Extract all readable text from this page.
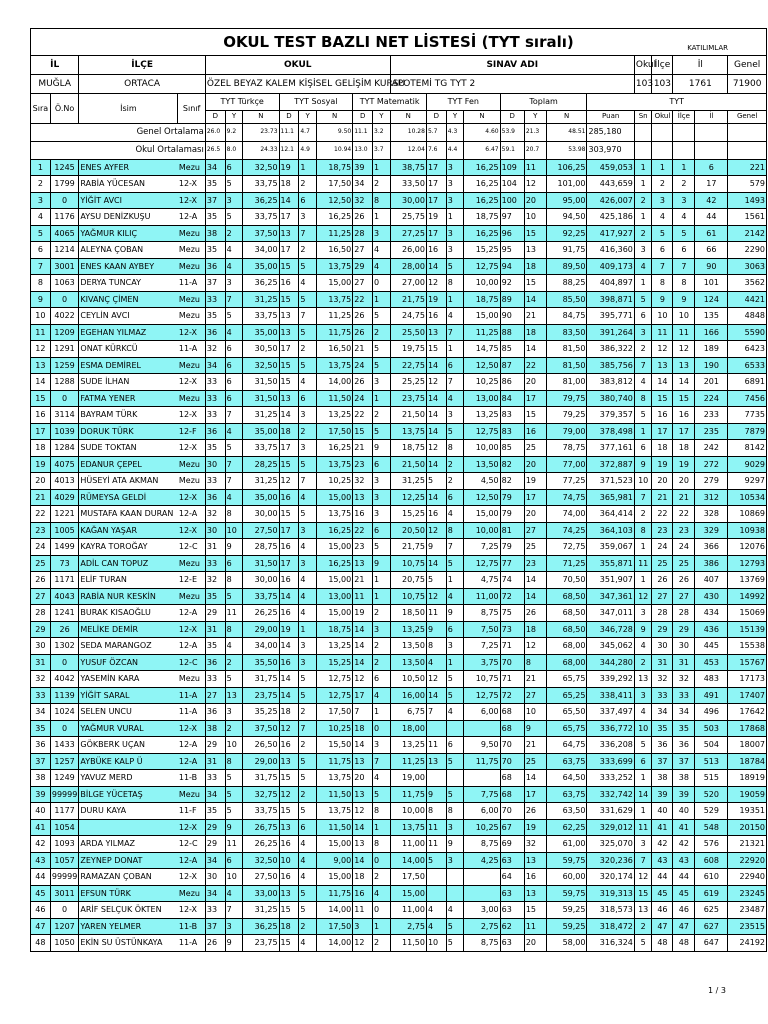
OKUL TEST BAZLI NET LİSTESİ (TYT sıralı)	KATILIMLAR
İL		İLÇE		OKUL								SINAV ADI								Okul	İlçe	İl		Genel
MUĞLA		ORTACA		ÖZEL BEYAZ KALEM KİŞİSEL GELİŞİM KURSU								APOTEMİ TG TYT 2								103	103	1761		71900
Sıra	Ö.No	İsim	Sınıf	TYT Türkçe			TYT Sosyal			TYT Matematik			TYT Fen			Toplam			TYT					
				D	Y	N	D	Y	N	D	Y	N	D	Y	N	D	Y	N	Puan	Sn	Okul	İlçe	İl	Genel
Genel Ortalama				26.0	9.2	23.73	11.1	4.7	9.50	11.1	3.2	10.28	5.7	4.3	4.60	53.9	21.3	48.51	285,180					
Okul Ortalaması				26.5	8.0	24.33	12.1	4.9	10.94	13.0	3.7	12.04	7.6	4.4	6.47	59.1	20.7	53.98	303,970					
1	1245	ENES AYFER	Mezu	34	6	32,50	19	1	18,75	39	1	38,75	17	3	16,25	109	11	106,25	459,053	1	1	1	6	221
2	1799	RABİA YÜCESAN	12-X	35	5	33,75	18	2	17,50	34	2	33,50	17	3	16,25	104	12	101,00	443,659	1	2	2	17	579
3	0	YİĞİT AVCI	12-X	37	3	36,25	14	6	12,50	32	8	30,00	17	3	16,25	100	20	95,00	426,007	2	3	3	42	1493
4	1176	AYSU DENİZKUŞU	12-A	35	5	33,75	17	3	16,25	26	1	25,75	19	1	18,75	97	10	94,50	425,186	1	4	4	44	1561
5	4065	YAĞMUR KILIÇ	Mezu	38	2	37,50	13	7	11,25	28	3	27,25	17	3	16,25	96	15	92,25	417,927	2	5	5	61	2142
6	1214	ALEYNA ÇOBAN	Mezu	35	4	34,00	17	2	16,50	27	4	26,00	16	3	15,25	95	13	91,75	416,360	3	6	6	66	2290
7	3001	ENES KAAN AYBEY	Mezu	36	4	35,00	15	5	13,75	29	4	28,00	14	5	12,75	94	18	89,50	409,173	4	7	7	90	3063
8	1063	DERYA TUNCAY	11-A	37	3	36,25	16	4	15,00	27	0	27,00	12	8	10,00	92	15	88,25	404,897	1	8	8	101	3562
9	0	KIVANÇ ÇİMEN	Mezu	33	7	31,25	15	5	13,75	22	1	21,75	19	1	18,75	89	14	85,50	398,871	5	9	9	124	4421
10	4022	CEYLİN AVCI	Mezu	35	5	33,75	13	7	11,25	26	5	24,75	16	4	15,00	90	21	84,75	395,771	6	10	10	135	4848
11	1209	EGEHAN YILMAZ	12-X	36	4	35,00	13	5	11,75	26	2	25,50	13	7	11,25	88	18	83,50	391,264	3	11	11	166	5590
12	1291	ONAT KÜRKCÜ	11-A	32	6	30,50	17	2	16,50	21	5	19,75	15	1	14,75	85	14	81,50	386,322	2	12	12	189	6423
13	1259	ESMA DEMİREL	Mezu	34	6	32,50	15	5	13,75	24	5	22,75	14	6	12,50	87	22	81,50	385,756	7	13	13	190	6533
14	1288	SUDE İLHAN	12-X	33	6	31,50	15	4	14,00	26	3	25,25	12	7	10,25	86	20	81,00	383,812	4	14	14	201	6891
15	0	FATMA YENER	Mezu	33	6	31,50	13	6	11,50	24	1	23,75	14	4	13,00	84	17	79,75	380,740	8	15	15	224	7456
16	3114	BAYRAM TÜRK	12-X	33	7	31,25	14	3	13,25	22	2	21,50	14	3	13,25	83	15	79,25	379,357	5	16	16	233	7735
17	1039	DORUK TÜRK	12-F	36	4	35,00	18	2	17,50	15	5	13,75	14	5	12,75	83	16	79,00	378,498	1	17	17	235	7879
18	1284	SUDE TOKTAN	12-X	35	5	33,75	17	3	16,25	21	9	18,75	12	8	10,00	85	25	78,75	377,161	6	18	18	242	8142
19	4075	EDANUR ÇEPEL	Mezu	30	7	28,25	15	5	13,75	23	6	21,50	14	2	13,50	82	20	77,00	372,887	9	19	19	272	9029
20	4013	HÜSEYİ ATA AKMAN	Mezu	33	7	31,25	12	7	10,25	32	3	31,25	5	2	4,50	82	19	77,25	371,523	10	20	20	279	9297
21	4029	RÜMEYSA GELDİ	12-X	36	4	35,00	16	4	15,00	13	3	12,25	14	6	12,50	79	17	74,75	365,981	7	21	21	312	10534
22	1221	MUSTAFA KAAN DURAN	12-A	32	8	30,00	15	5	13,75	16	3	15,25	16	4	15,00	79	20	74,00	364,414	2	22	22	328	10869
23	1005	KAĞAN YAŞAR	12-X	30	10	27,50	17	3	16,25	22	6	20,50	12	8	10,00	81	27	74,25	364,103	8	23	23	329	10938
24	1499	KAYRA TOROĞAY	12-C	31	9	28,75	16	4	15,00	23	5	21,75	9	7	7,25	79	25	72,75	359,067	1	24	24	366	12076
25	73	ADİL CAN TOPUZ	Mezu	33	6	31,50	17	3	16,25	13	9	10,75	14	5	12,75	77	23	71,25	355,871	11	25	25	386	12793
26	1171	ELİF TURAN	12-E	32	8	30,00	16	4	15,00	21	1	20,75	5	1	4,75	74	14	70,50	351,907	1	26	26	407	13769
27	4043	RABİA NUR KESKİN	Mezu	35	5	33,75	14	4	13,00	11	1	10,75	12	4	11,00	72	14	68,50	347,361	12	27	27	430	14992
28	1241	BURAK KISAOĞLU	12-A	29	11	26,25	16	4	15,00	19	2	18,50	11	9	8,75	75	26	68,50	347,011	3	28	28	434	15069
29	26	MELİKE DEMİR	12-X	31	8	29,00	19	1	18,75	14	3	13,25	9	6	7,50	73	18	68,50	346,728	9	29	29	436	15139
30	1302	SEDA MARANGOZ	12-A	35	4	34,00	14	3	13,25	14	2	13,50	8	3	7,25	71	12	68,00	345,062	4	30	30	445	15538
31	0	YUSUF ÖZCAN	12-C	36	2	35,50	16	3	15,25	14	2	13,50	4	1	3,75	70	8	68,00	344,280	2	31	31	453	15767
32	4042	YASEMİN KARA	Mezu	33	5	31,75	14	5	12,75	12	6	10,50	12	5	10,75	71	21	65,75	339,292	13	32	32	483	17173
33	1139	YİĞİT SARAL	11-A	27	13	23,75	14	5	12,75	17	4	16,00	14	5	12,75	72	27	65,25	338,411	3	33	33	491	17407
34	1024	SELEN UNCU	11-A	36	3	35,25	18	2	17,50	7	1	6,75	7	4	6,00	68	10	65,50	337,497	4	34	34	496	17642
35	0	YAĞMUR VURAL	12-X	38	2	37,50	12	7	10,25	18	0	18,00				68	9	65,75	336,772	10	35	35	503	17868
36	1433	GÖKBERK UÇAN	12-A	29	10	26,50	16	2	15,50	14	3	13,25	11	6	9,50	70	21	64,75	336,208	5	36	36	504	18007
37	1257	AYBÜKE KALP Ü	12-A	31	8	29,00	13	5	11,75	13	7	11,25	13	5	11,75	70	25	63,75	333,699	6	37	37	513	18784
38	1249	YAVUZ MERD	11-B	33	5	31,75	15	5	13,75	20	4	19,00				68	14	64,50	333,252	1	38	38	515	18919
39	99999	BİLGE YÜCETAŞ	Mezu	34	5	32,75	12	2	11,50	13	5	11,75	9	5	7,75	68	17	63,75	332,742	14	39	39	520	19059
40	1177	DURU KAYA	11-F	35	5	33,75	15	5	13,75	12	8	10,00	8	8	6,00	70	26	63,50	331,629	1	40	40	529	19351
41	1054		12-X	29	9	26,75	13	6	11,50	14	1	13,75	11	3	10,25	67	19	62,25	329,012	11	41	41	548	20150
42	1093	ARDA YILMAZ	12-C	29	11	26,25	16	4	15,00	13	8	11,00	11	9	8,75	69	32	61,00	325,070	3	42	42	576	21321
43	1057	ZEYNEP DONAT	12-A	34	6	32,50	10	4	9,00	14	0	14,00	5	3	4,25	63	13	59,75	320,236	7	43	43	608	22920
44	99999	RAMAZAN ÇOBAN	12-X	30	10	27,50	16	4	15,00	18	2	17,50				64	16	60,00	320,174	12	44	44	610	22940
45	3011	EFSUN TÜRK	Mezu	34	4	33,00	13	5	11,75	16	4	15,00				63	13	59,75	319,313	15	45	45	619	23245
46	0	ARİF SELÇUK ÖKTEN	12-X	33	7	31,25	15	5	14,00	11	0	11,00	4	4	3,00	63	15	59,25	318,573	13	46	46	625	23487
47	1207	YAREN YELMER	11-B	37	3	36,25	18	2	17,50	3	1	2,75	4	5	2,75	62	11	59,25	318,472	2	47	47	627	23515
48	1050	EKİN SU ÜSTÜNKAYA	11-A	26	9	23,75	15	4	14,00	12	2	11,50	10	5	8,75	63	20	58,00	316,324	5	48	48	647	24192
1 / 3
